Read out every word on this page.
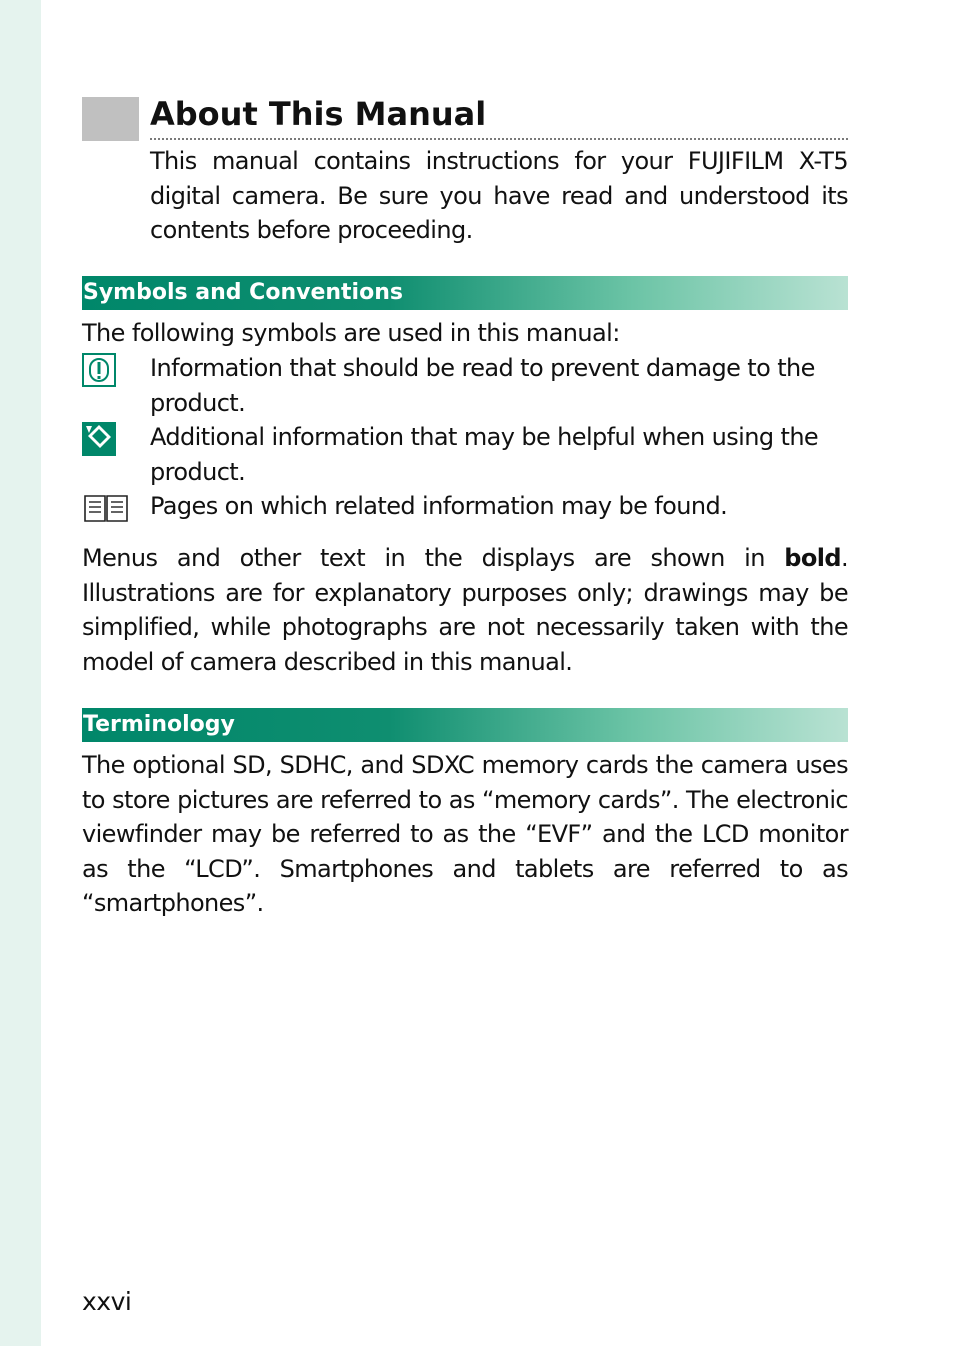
About This Manual

This manual contains instructions for your FUJIFILM X-T5 digital camera. Be sure you have read and understood its contents before proceeding.

Symbols and Conventions

The following symbols are used in this manual:

Information that should be read to prevent damage to the product.

Additional information that may be helpful when using the product.

Pages on which related information may be found.

Menus and other text in the displays are shown in bold. Illustrations are for explanatory purposes only; drawings may be simplified, while photographs are not necessarily taken with the model of camera described in this manual.

Terminology

The optional SD, SDHC, and SDXC memory cards the camera uses to store pictures are referred to as “memory cards”. The electronic viewfinder may be referred to as the “EVF” and the LCD monitor as the “LCD”. Smartphones and tablets are referred to as “smartphones”.

xxvi
